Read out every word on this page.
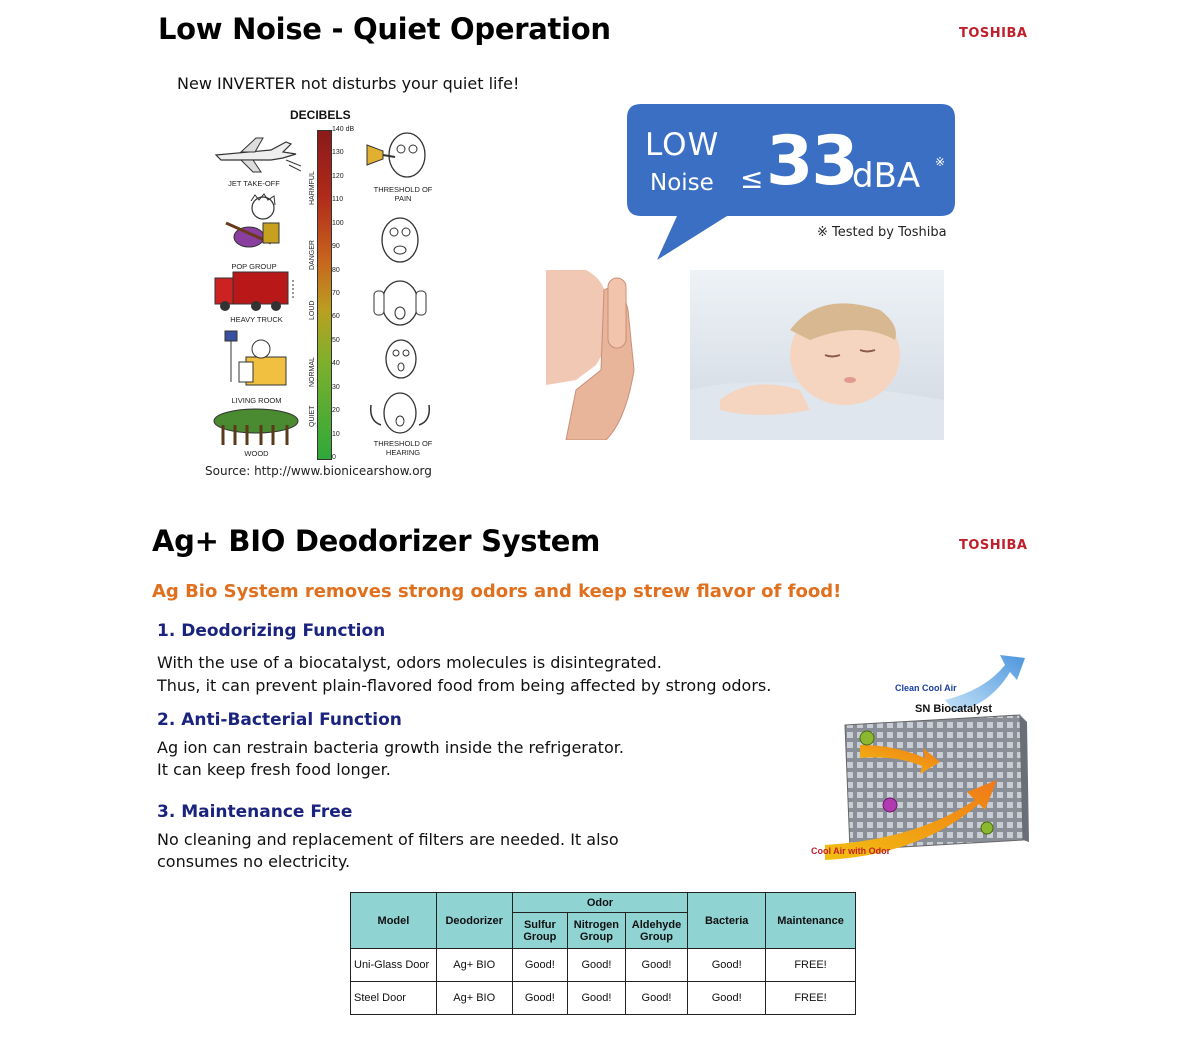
Low Noise - Quiet Operation	TOSHIBA
New INVERTER not disturbs your quiet life!
DECIBELS
140 dB
130
120
110
100
90
80
70
60
50
40
30
20
10
0
HARMFUL
DANGER
LOUD
NORMAL
QUIET
JET TAKE-OFF
POP GROUP
HEAVY TRUCK
LIVING ROOM
WOOD
THRESHOLD OF PAIN
THRESHOLD OF HEARING
Source: http://www.bionicearshow.org
LOW
Noise ≤ 33
dBA ※
※ Tested by Toshiba
Ag+ BIO Deodorizer System	TOSHIBA
Ag Bio System removes strong odors and keep strew flavor of food!
1. Deodorizing Function
With the use of a biocatalyst, odors molecules is disintegrated.
Thus, it can prevent plain-flavored food from being affected by strong odors.
2. Anti-Bacterial Function
Ag ion can restrain bacteria growth inside the refrigerator.
It can keep fresh food longer.
3. Maintenance Free
No cleaning and replacement of filters are needed. It also
consumes no electricity.
Clean Cool Air
SN Biocatalyst
Cool Air with Odor
Model	Deodorizer	Odor			Bacteria	Maintenance
		Sulfur Group	Nitrogen Group	Aldehyde Group		
Uni-Glass Door	Ag+ BIO	Good!	Good!	Good!	Good!	FREE!
Steel Door	Ag+ BIO	Good!	Good!	Good!	Good!	FREE!
